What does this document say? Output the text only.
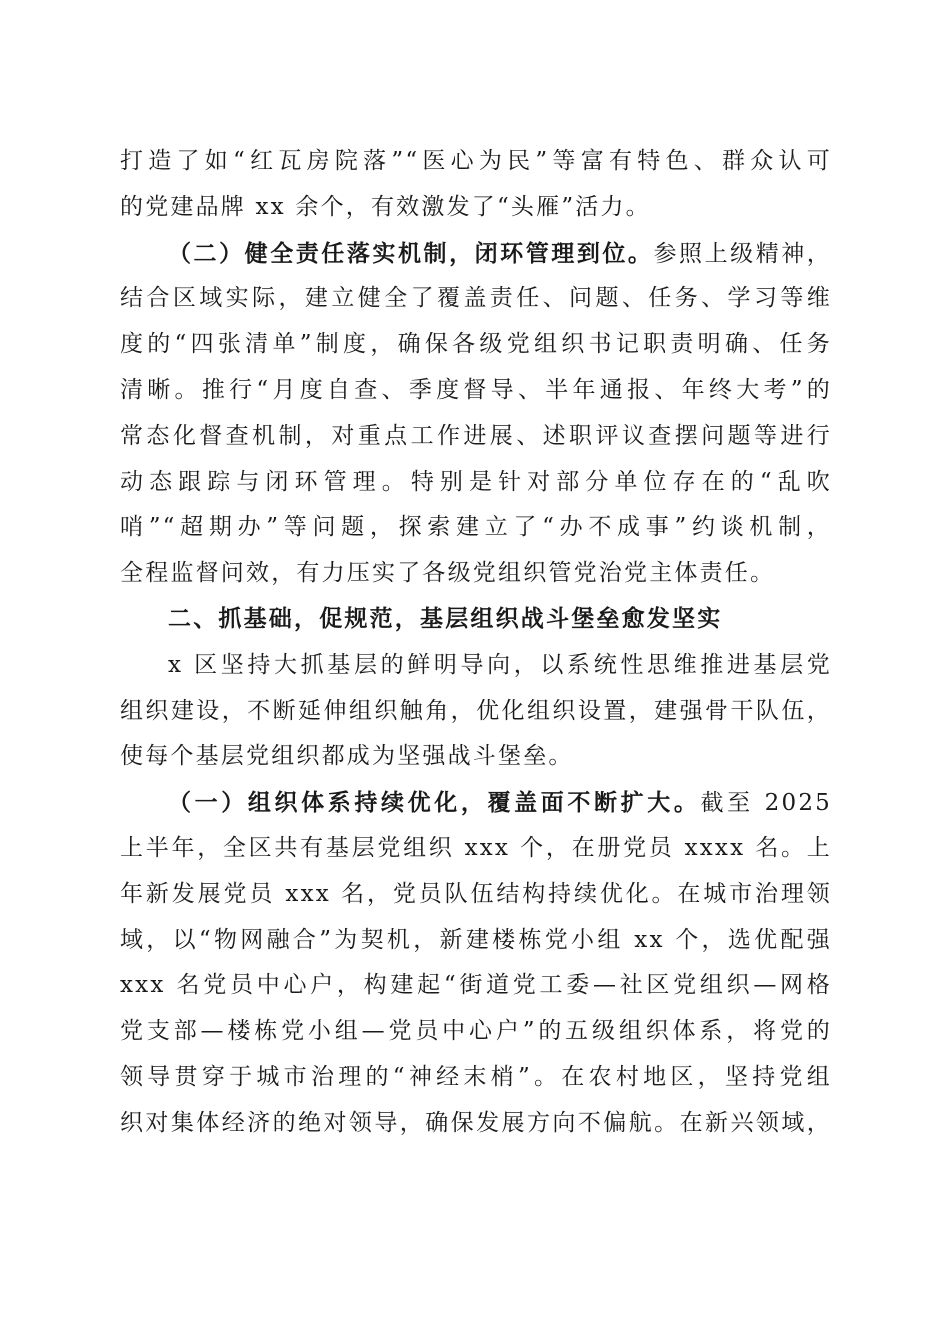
打造了如“红瓦房院落”“医心为民”等富有特色、群众认可
的党建品牌 xx 余个，有效激发了“头雁”活力。
（二）健全责任落实机制，闭环管理到位。参照上级精神，
结合区域实际，建立健全了覆盖责任、问题、任务、学习等维
度的“四张清单”制度，确保各级党组织书记职责明确、任务
清晰。推行“月度自查、季度督导、半年通报、年终大考”的
常态化督查机制，对重点工作进展、述职评议查摆问题等进行
动态跟踪与闭环管理。特别是针对部分单位存在的“乱吹
哨”“超期办”等问题，探索建立了“办不成事”约谈机制，
全程监督问效，有力压实了各级党组织管党治党主体责任。
二、抓基础，促规范，基层组织战斗堡垒愈发坚实
x 区坚持大抓基层的鲜明导向，以系统性思维推进基层党
组织建设，不断延伸组织触角，优化组织设置，建强骨干队伍，
使每个基层党组织都成为坚强战斗堡垒。
（一）组织体系持续优化，覆盖面不断扩大。截至 2025
上半年，全区共有基层党组织 xxx 个，在册党员 xxxx 名。上
年新发展党员 xxx 名，党员队伍结构持续优化。在城市治理领
域，以“物网融合”为契机，新建楼栋党小组 xx 个，选优配强
xxx 名党员中心户，构建起“街道党工委—社区党组织—网格
党支部—楼栋党小组—党员中心户”的五级组织体系，将党的
领导贯穿于城市治理的“神经末梢”。在农村地区，坚持党组
织对集体经济的绝对领导，确保发展方向不偏航。在新兴领域，
